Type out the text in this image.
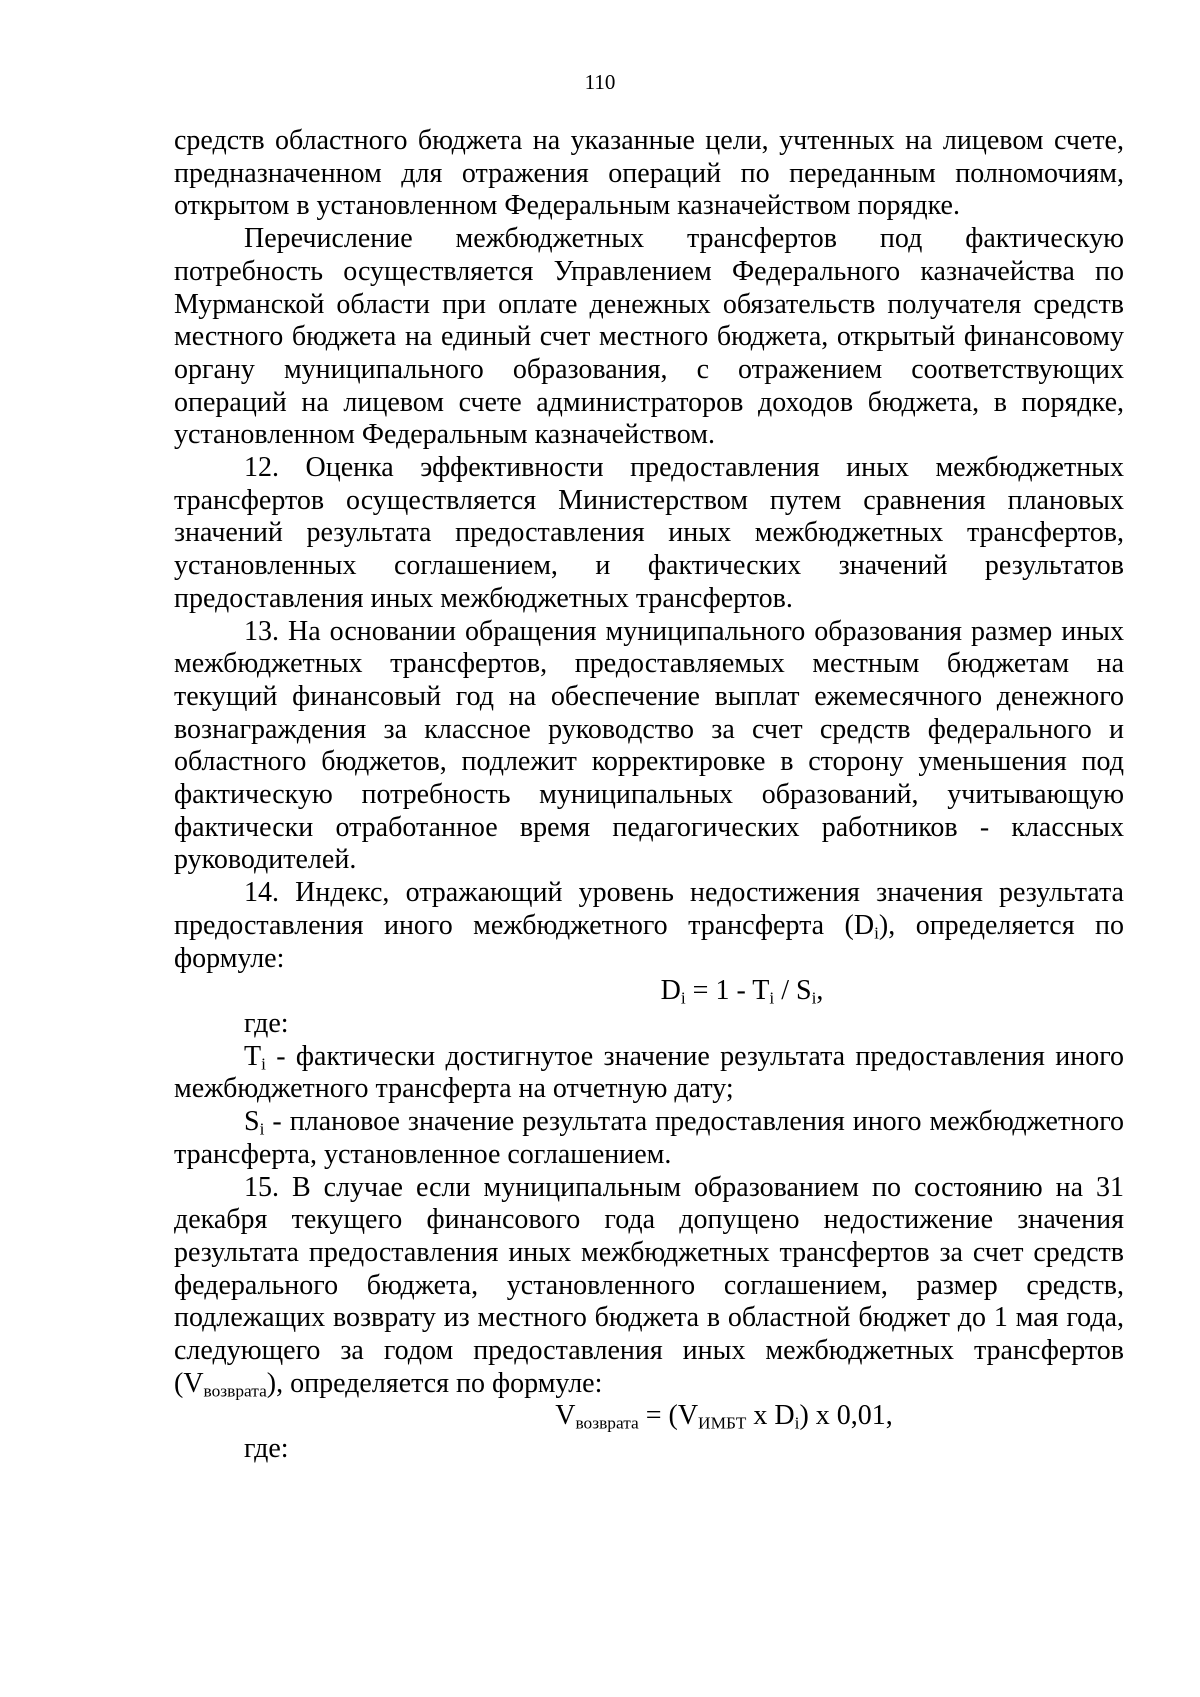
110

средств областного бюджета на указанные цели, учтенных на лицевом счете, предназначенном для отражения операций по переданным полномочиям, открытом в установленном Федеральным казначейством порядке.

Перечисление межбюджетных трансфертов под фактическую потребность осуществляется Управлением Федерального казначейства по Мурманской области при оплате денежных обязательств получателя средств местного бюджета на единый счет местного бюджета, открытый финансовому органу муниципального образования, с отражением соответствующих операций на лицевом счете администраторов доходов бюджета, в порядке, установленном Федеральным казначейством.

12. Оценка эффективности предоставления иных межбюджетных трансфертов осуществляется Министерством путем сравнения плановых значений результата предоставления иных межбюджетных трансфертов, установленных соглашением, и фактических значений результатов предоставления иных межбюджетных трансфертов.

13. На основании обращения муниципального образования размер иных межбюджетных трансфертов, предоставляемых местным бюджетам на текущий финансовый год на обеспечение выплат ежемесячного денежного вознаграждения за классное руководство за счет средств федерального и областного бюджетов, подлежит корректировке в сторону уменьшения под фактическую потребность муниципальных образований, учитывающую фактически отработанное время педагогических работников - классных руководителей.

14. Индекс, отражающий уровень недостижения значения результата предоставления иного межбюджетного трансферта $(D_i)$, определяется по формуле:

$D_i = 1 - T_i / S_i$,

где:

$T_i$ - фактически достигнутое значение результата предоставления иного межбюджетного трансферта на отчетную дату;

$S_i$ - плановое значение результата предоставления иного межбюджетного трансферта, установленное соглашением.

15. В случае если муниципальным образованием по состоянию на 31 декабря текущего финансового года допущено недостижение значения результата предоставления иных межбюджетных трансфертов за счет средств федерального бюджета, установленного соглашением, размер средств, подлежащих возврату из местного бюджета в областной бюджет до 1 мая года, следующего за годом предоставления иных межбюджетных трансфертов $(V_{возврата})$, определяется по формуле:

$V_{возврата} = (V_{ИМБТ}$ x $D_i$) x 0,01,

где:
